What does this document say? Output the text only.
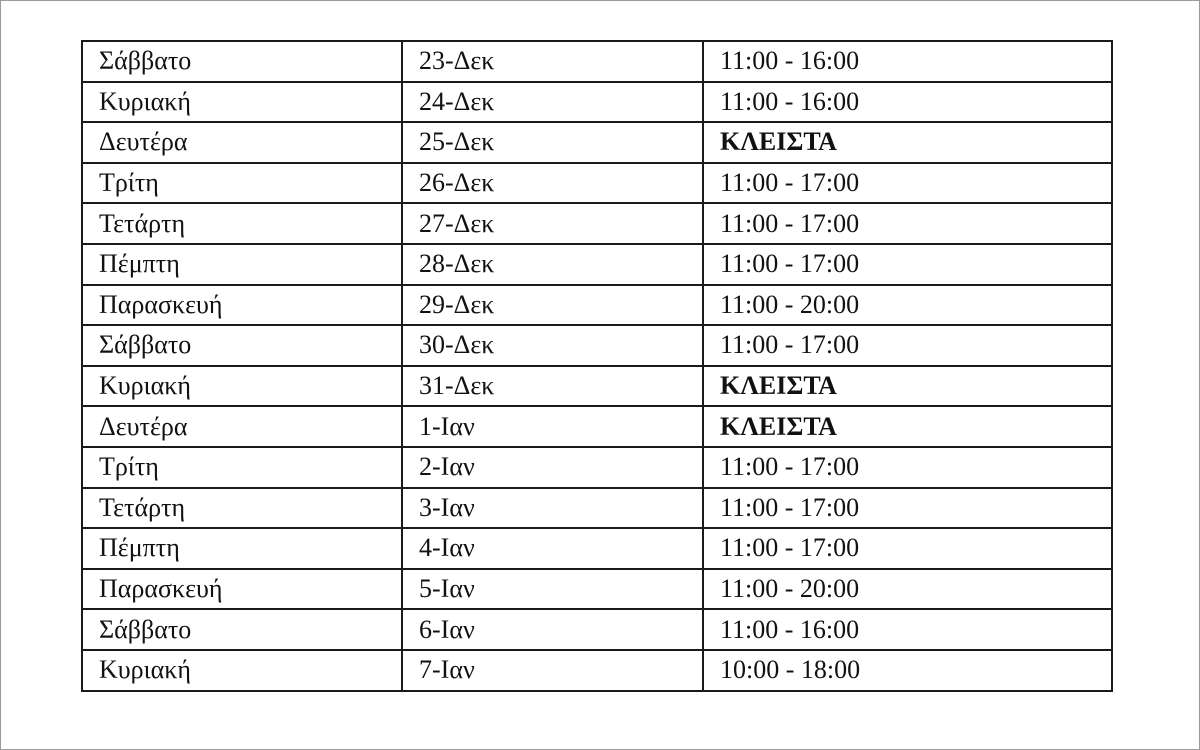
Σάββατο	23-Δεκ	11:00 - 16:00
Κυριακή	24-Δεκ	11:00 - 16:00
Δευτέρα	25-Δεκ	ΚΛΕΙΣΤΑ
Τρίτη	26-Δεκ	11:00 - 17:00
Τετάρτη	27-Δεκ	11:00 - 17:00
Πέμπτη	28-Δεκ	11:00 - 17:00
Παρασκευή	29-Δεκ	11:00 - 20:00
Σάββατο	30-Δεκ	11:00 - 17:00
Κυριακή	31-Δεκ	ΚΛΕΙΣΤΑ
Δευτέρα	1-Ιαν	ΚΛΕΙΣΤΑ
Τρίτη	2-Ιαν	11:00 - 17:00
Τετάρτη	3-Ιαν	11:00 - 17:00
Πέμπτη	4-Ιαν	11:00 - 17:00
Παρασκευή	5-Ιαν	11:00 - 20:00
Σάββατο	6-Ιαν	11:00 - 16:00
Κυριακή	7-Ιαν	10:00 - 18:00
